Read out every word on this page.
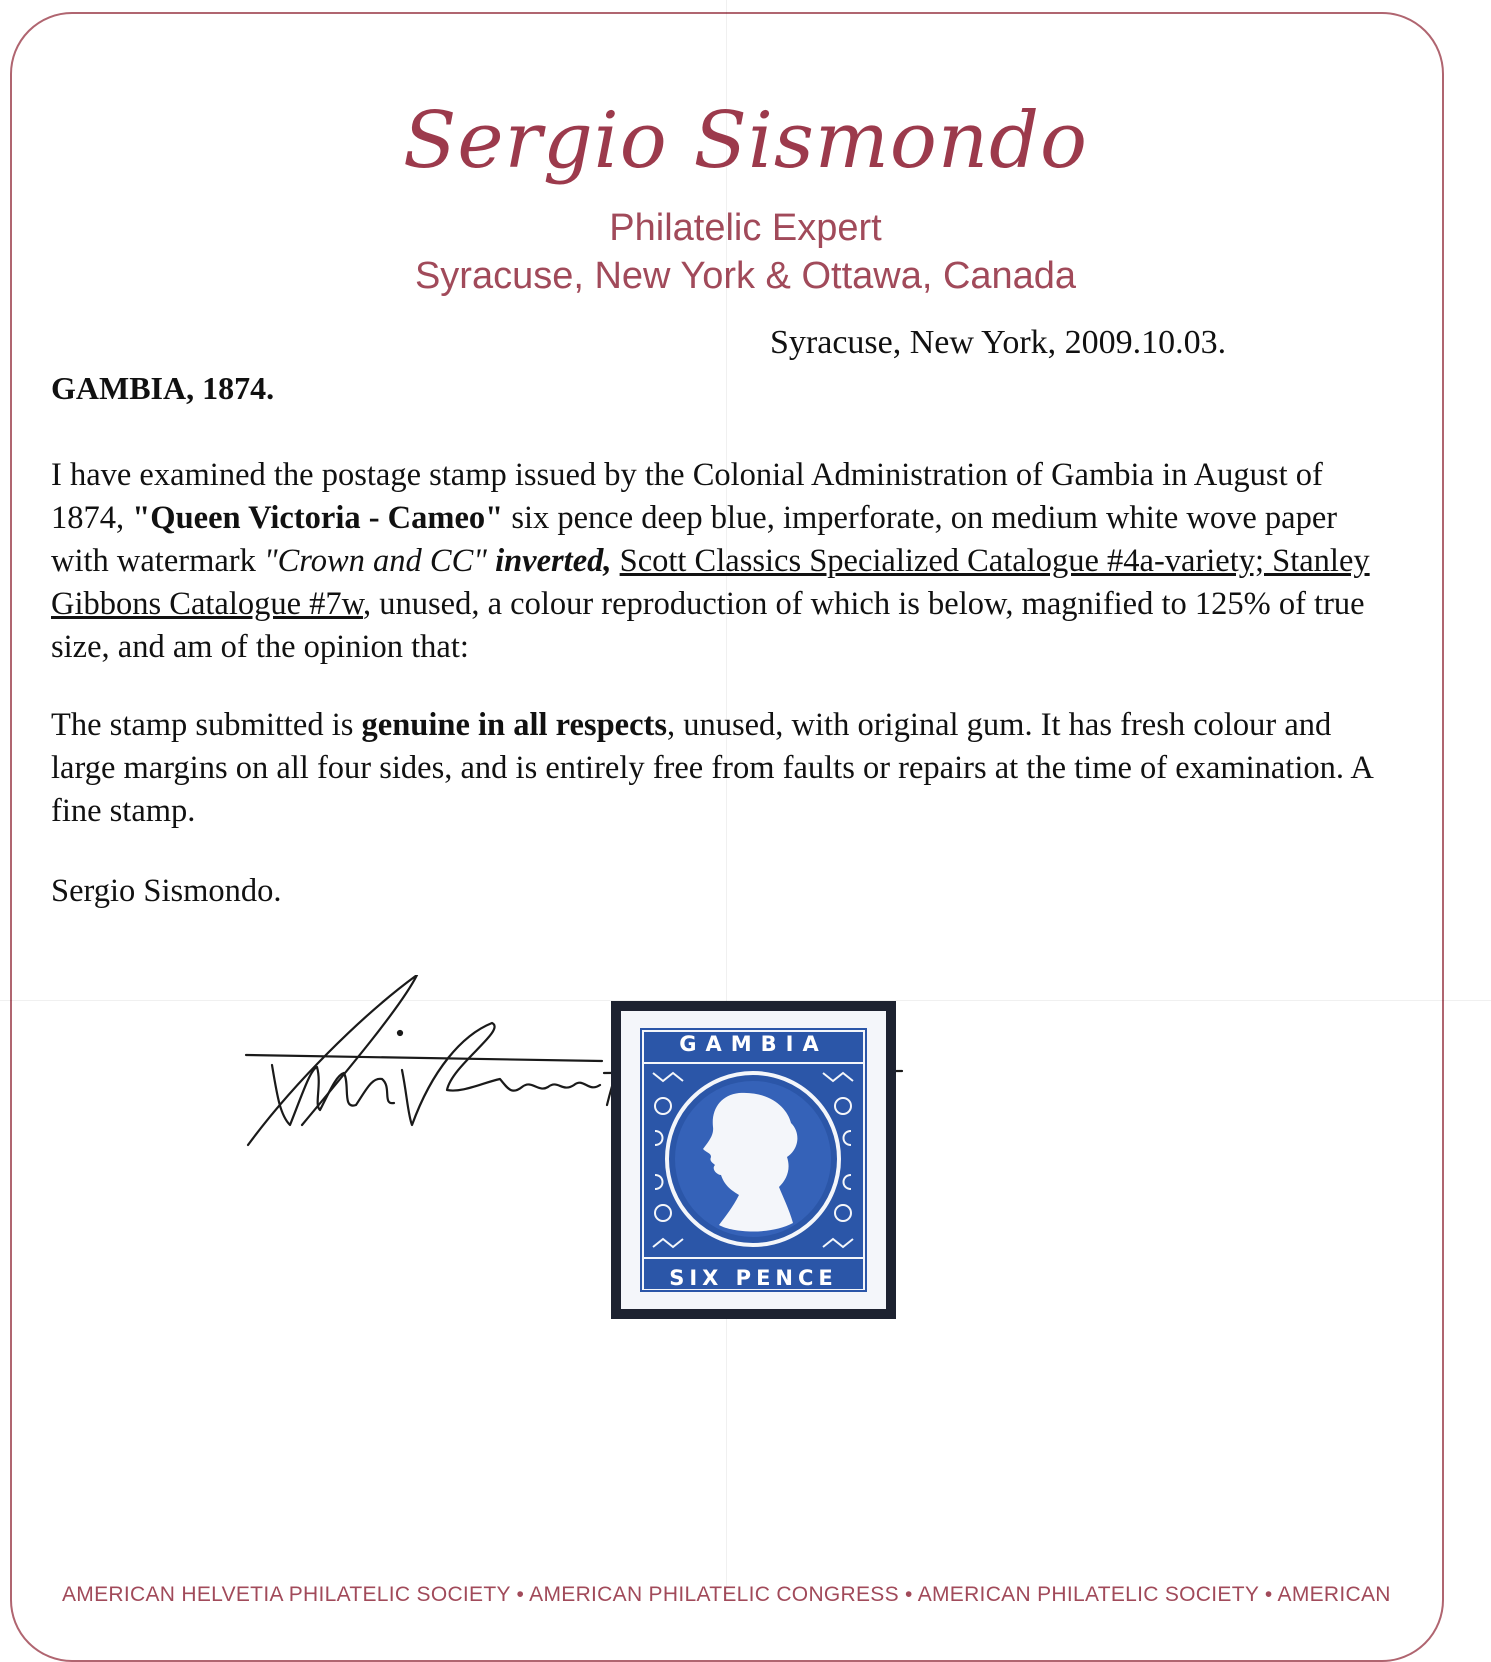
Sergio Sismondo
Philatelic Expert
Syracuse, New York & Ottawa, Canada
Syracuse, New York, 2009.10.03.
GAMBIA, 1874.

I have examined the postage stamp issued by the Colonial Administration of Gambia in August of 1874, "Queen Victoria - Cameo" six pence deep blue, imperforate, on medium white wove paper with watermark "Crown and CC" inverted, Scott Classics Specialized Catalogue #4a-variety; Stanley Gibbons Catalogue #7w, unused, a colour reproduction of which is below, magnified to 125% of true size, and am of the opinion that:

The stamp submitted is genuine in all respects, unused, with original gum. It has fresh colour and large margins on all four sides, and is entirely free from faults or repairs at the time of examination. A fine stamp.

Sergio Sismondo.
GAMBIA
SIX PENCE
AMERICAN HELVETIA PHILATELIC SOCIETY • AMERICAN PHILATELIC CONGRESS • AMERICAN PHILATELIC SOCIETY • AMERICAN
